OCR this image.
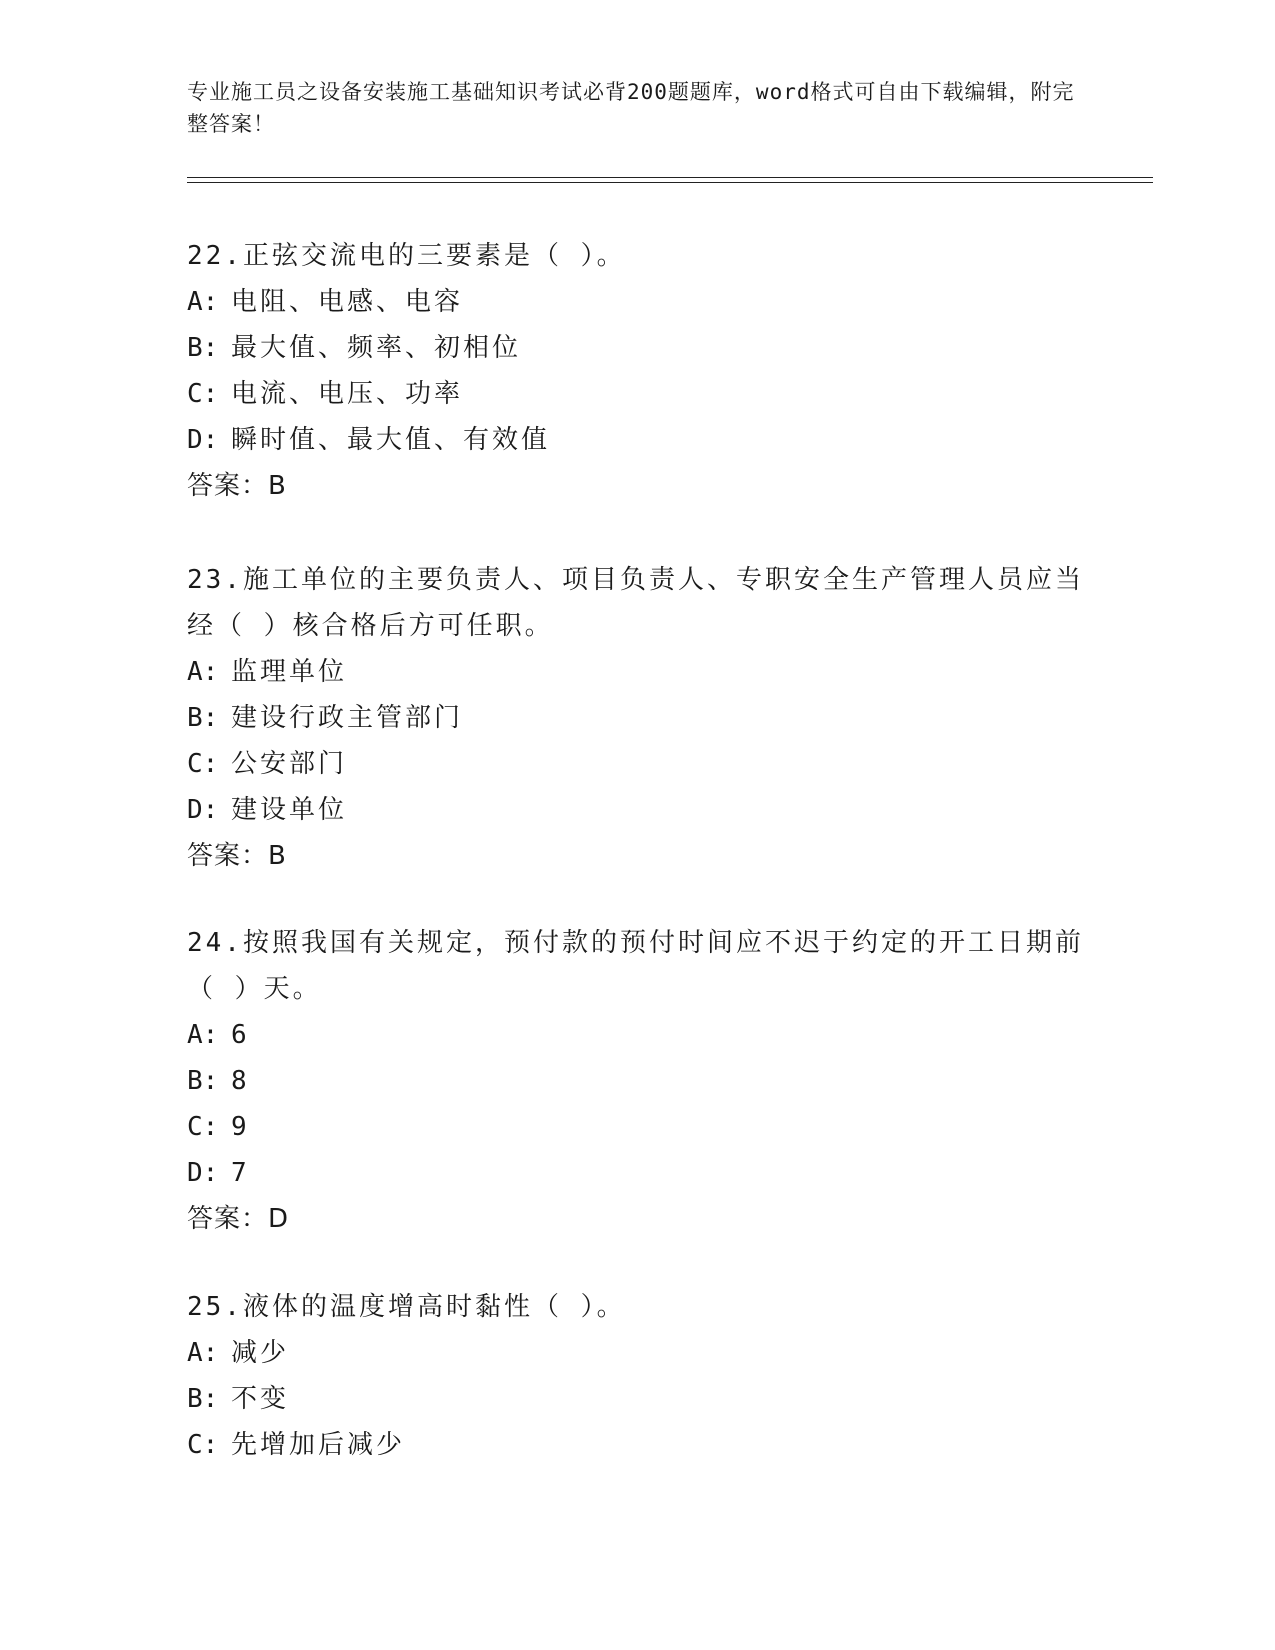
专业施工员之设备安装施工基础知识考试必背200题题库，word格式可自由下载编辑，附完整答案！

22.正弦交流电的三要素是（ ）。

A: 电阻、电感、电容
B: 最大值、频率、初相位
C: 电流、电压、功率
D: 瞬时值、最大值、有效值
答案：B

23.施工单位的主要负责人、项目负责人、专职安全生产管理人员应当经（ ）核合格后方可任职。

A: 监理单位
B: 建设行政主管部门
C: 公安部门
D: 建设单位
答案：B

24.按照我国有关规定，预付款的预付时间应不迟于约定的开工日期前（ ）天。

A: 6
B: 8
C: 9
D: 7
答案：D

25.液体的温度增高时黏性（ ）。

A: 减少
B: 不变
C: 先增加后减少
